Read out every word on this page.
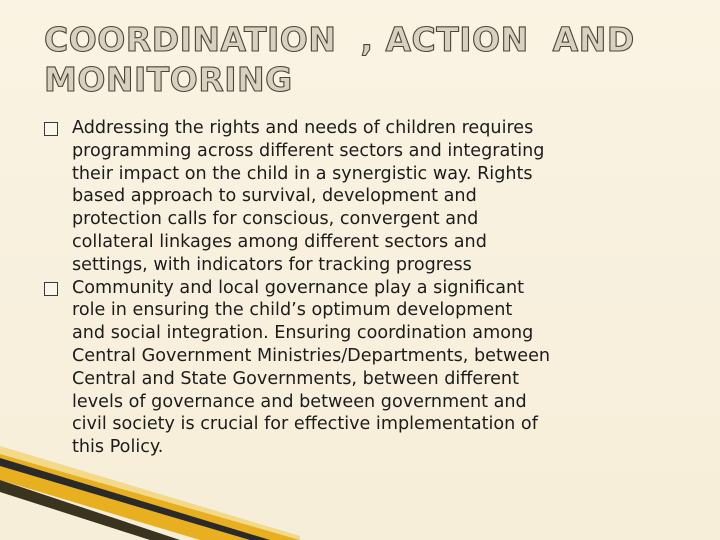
COORDINATION  , ACTION  AND
MONITORING
Addressing the rights and needs of children requires
programming across different sectors and integrating
their impact on the child in a synergistic way. Rights
based approach to survival, development and
protection calls for conscious, convergent and
collateral linkages among different sectors and
settings, with indicators for tracking progress
Community and local governance play a significant
role in ensuring the child’s optimum development
and social integration. Ensuring coordination among
Central Government Ministries/Departments, between
Central and State Governments, between different
levels of governance and between government and
civil society is crucial for effective implementation of
this Policy.
